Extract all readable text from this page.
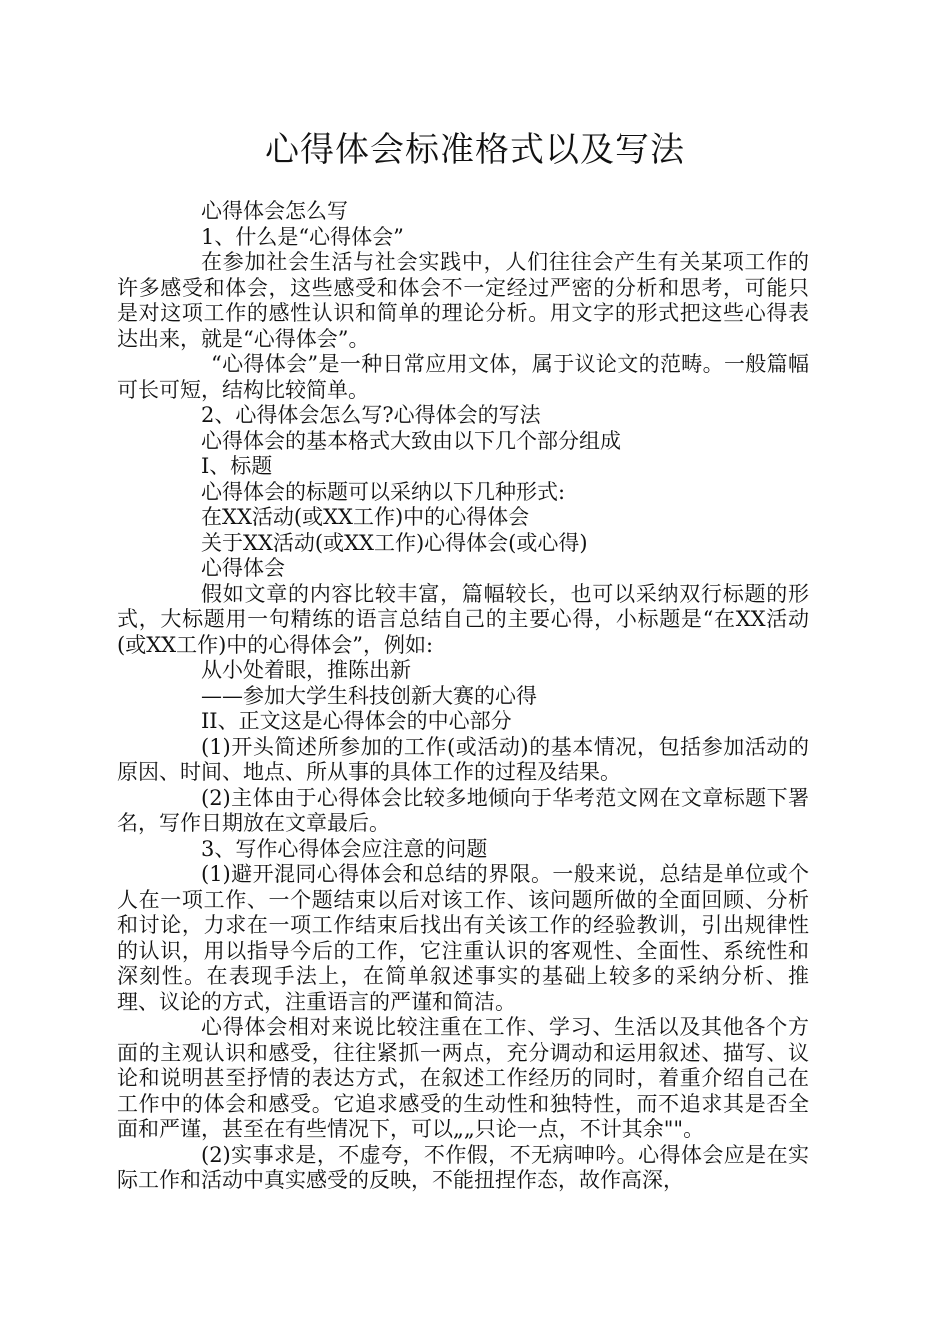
心得体会标准格式以及写法

心得体会怎么写

1、什么是“心得体会”

在参加社会生活与社会实践中，人们往往会产生有关某项工作的许多感受和体会，这些感受和体会不一定经过严密的分析和思考，可能只是对这项工作的感性认识和简单的理论分析。用文字的形式把这些心得表达出来，就是“心得体会”。

“心得体会”是一种日常应用文体，属于议论文的范畴。一般篇幅可长可短，结构比较简单。

2、心得体会怎么写?心得体会的写法

心得体会的基本格式大致由以下几个部分组成

I、标题

心得体会的标题可以采纳以下几种形式:

在XX活动(或XX工作)中的心得体会

关于XX活动(或XX工作)心得体会(或心得)

心得体会

假如文章的内容比较丰富，篇幅较长，也可以采纳双行标题的形式，大标题用一句精练的语言总结自己的主要心得，小标题是“在XX活动(或XX工作)中的心得体会”，例如:

从小处着眼，推陈出新

——参加大学生科技创新大赛的心得

II、正文这是心得体会的中心部分

(1)开头简述所参加的工作(或活动)的基本情况，包括参加活动的原因、时间、地点、所从事的具体工作的过程及结果。

(2)主体由于心得体会比较多地倾向于华考范文网在文章标题下署名，写作日期放在文章最后。

3、写作心得体会应注意的问题

(1)避开混同心得体会和总结的界限。一般来说，总结是单位或个人在一项工作、一个题结束以后对该工作、该问题所做的全面回顾、分析和讨论，力求在一项工作结束后找出有关该工作的经验教训，引出规律性的认识，用以指导今后的工作，它注重认识的客观性、全面性、系统性和深刻性。在表现手法上，在简单叙述事实的基础上较多的采纳分析、推理、议论的方式，注重语言的严谨和简洁。

心得体会相对来说比较注重在工作、学习、生活以及其他各个方面的主观认识和感受，往往紧抓一两点，充分调动和运用叙述、描写、议论和说明甚至抒情的表达方式，在叙述工作经历的同时，着重介绍自己在工作中的体会和感受。它追求感受的生动性和独特性，而不追求其是否全面和严谨，甚至在有些情况下，可以„„只论一点，不计其余""。

(2)实事求是，不虚夸，不作假，不无病呻吟。心得体会应是在实际工作和活动中真实感受的反映，不能扭捏作态，故作高深，
